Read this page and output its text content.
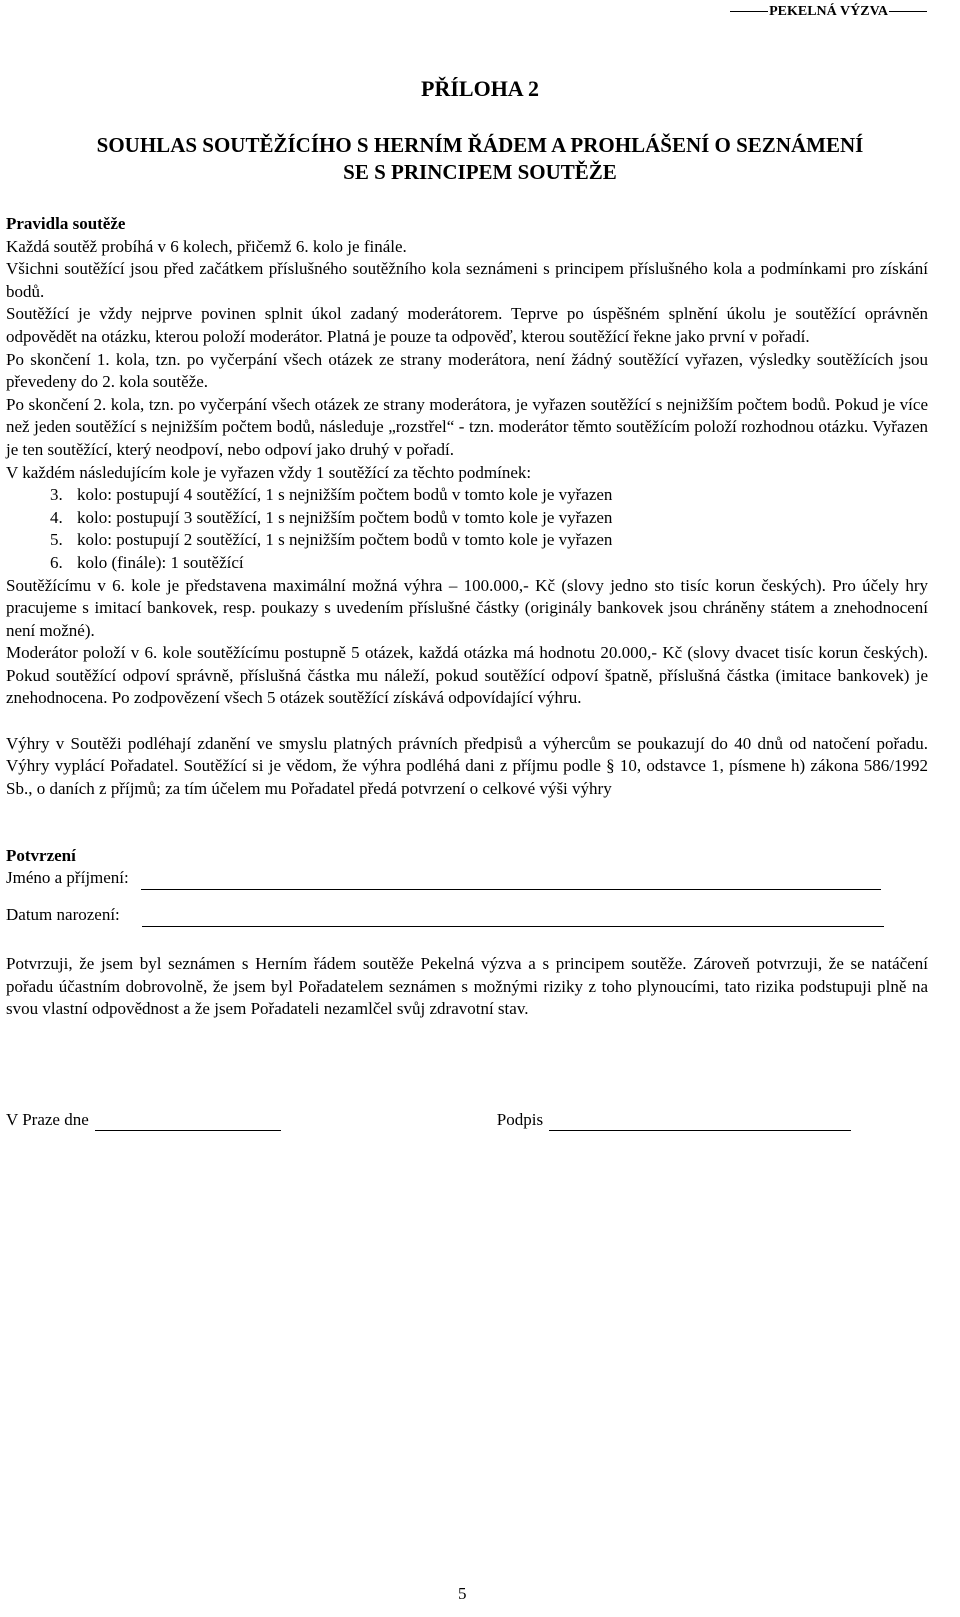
PEKELNÁ VÝZVA
PŘÍLOHA 2
SOUHLAS SOUTĚŽÍCÍHO S HERNÍM ŘÁDEM A PROHLÁŠENÍ O SEZNÁMENÍ
SE S PRINCIPEM SOUTĚŽE

Pravidla soutěže

Každá soutěž probíhá v 6 kolech, přičemž 6. kolo je finále.

Všichni soutěžící jsou před začátkem příslušného soutěžního kola seznámeni s principem příslušného kola a podmínkami pro získání bodů.

Soutěžící je vždy nejprve povinen splnit úkol zadaný moderátorem. Teprve po úspěšném splnění úkolu je soutěžící oprávněn odpovědět na otázku, kterou položí moderátor. Platná je pouze ta odpověď, kterou soutěžící řekne jako první v pořadí.

Po skončení 1. kola, tzn. po vyčerpání všech otázek ze strany moderátora, není žádný soutěžící vyřazen, výsledky soutěžících jsou převedeny do 2. kola soutěže.

Po skončení 2. kola, tzn. po vyčerpání všech otázek ze strany moderátora, je vyřazen soutěžící s nejnižším počtem bodů. Pokud je více než jeden soutěžící s nejnižším počtem bodů, následuje „rozstřel“ - tzn. moderátor těmto soutěžícím položí rozhodnou otázku. Vyřazen je ten soutěžící, který neodpoví, nebo odpoví jako druhý v pořadí.

V každém následujícím kole je vyřazen vždy 1 soutěžící za těchto podmínek:

3. kolo: postupují 4 soutěžící, 1 s nejnižším počtem bodů v tomto kole je vyřazen
4. kolo: postupují 3 soutěžící, 1 s nejnižším počtem bodů v tomto kole je vyřazen
5. kolo: postupují 2 soutěžící, 1 s nejnižším počtem bodů v tomto kole je vyřazen
6. kolo (finále): 1 soutěžící

Soutěžícímu v 6. kole je představena maximální možná výhra – 100.000,- Kč (slovy jedno sto tisíc korun českých). Pro účely hry pracujeme s imitací bankovek, resp. poukazy s uvedením příslušné částky (originály bankovek jsou chráněny státem a znehodnocení není možné).

Moderátor položí v 6. kole soutěžícímu postupně 5 otázek, každá otázka má hodnotu 20.000,- Kč (slovy dvacet tisíc korun českých). Pokud soutěžící odpoví správně, příslušná částka mu náleží, pokud soutěžící odpoví špatně, příslušná částka (imitace bankovek) je znehodnocena. Po zodpovězení všech 5 otázek soutěžící získává odpovídající výhru.

Výhry v Soutěži podléhají zdanění ve smyslu platných právních předpisů a výhercům se poukazují do 40 dnů od natočení pořadu. Výhry vyplácí Pořadatel. Soutěžící si je vědom, že výhra podléhá dani z příjmu podle § 10, odstavce 1, písmene h) zákona 586/1992 Sb., o daních z příjmů; za tím účelem mu Pořadatel předá potvrzení o celkové výši výhry

Potvrzení

Jméno a příjmení:
Datum narození:

Potvrzuji, že jsem byl seznámen s Herním řádem soutěže Pekelná výzva a s principem soutěže. Zároveň potvrzuji, že se natáčení pořadu účastním dobrovolně, že jsem byl Pořadatelem seznámen s možnými riziky z toho plynoucími, tato rizika podstupuji plně na svou vlastní odpovědnost a že jsem Pořadateli nezamlčel svůj zdravotní stav.

V Praze dne	Podpis
5
